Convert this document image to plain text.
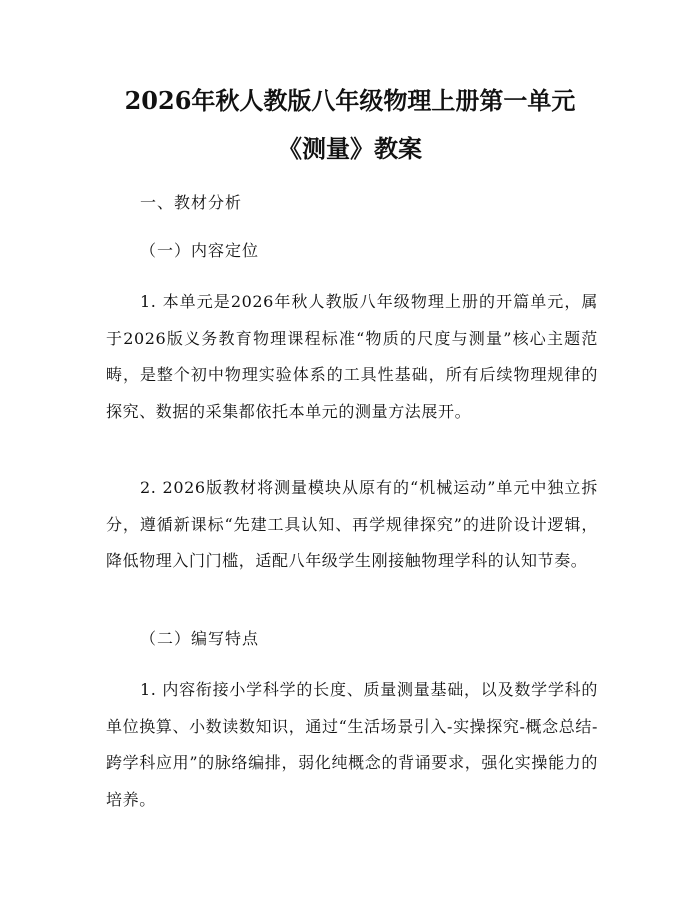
2026年秋人教版八年级物理上册第一单元
《测量》教案
一、教材分析
（一）内容定位
1. 本单元是2026年秋人教版八年级物理上册的开篇单元，属于2026版义务教育物理课程标准“物质的尺度与测量”核心主题范畴，是整个初中物理实验体系的工具性基础，所有后续物理规律的探究、数据的采集都依托本单元的测量方法展开。
2. 2026版教材将测量模块从原有的“机械运动”单元中独立拆分，遵循新课标“先建工具认知、再学规律探究”的进阶设计逻辑，降低物理入门门槛，适配八年级学生刚接触物理学科的认知节奏。
（二）编写特点
1. 内容衔接小学科学的长度、质量测量基础，以及数学学科的单位换算、小数读数知识，通过“生活场景引入-实操探究-概念总结-跨学科应用”的脉络编排，弱化纯概念的背诵要求，强化实操能力的培养。
